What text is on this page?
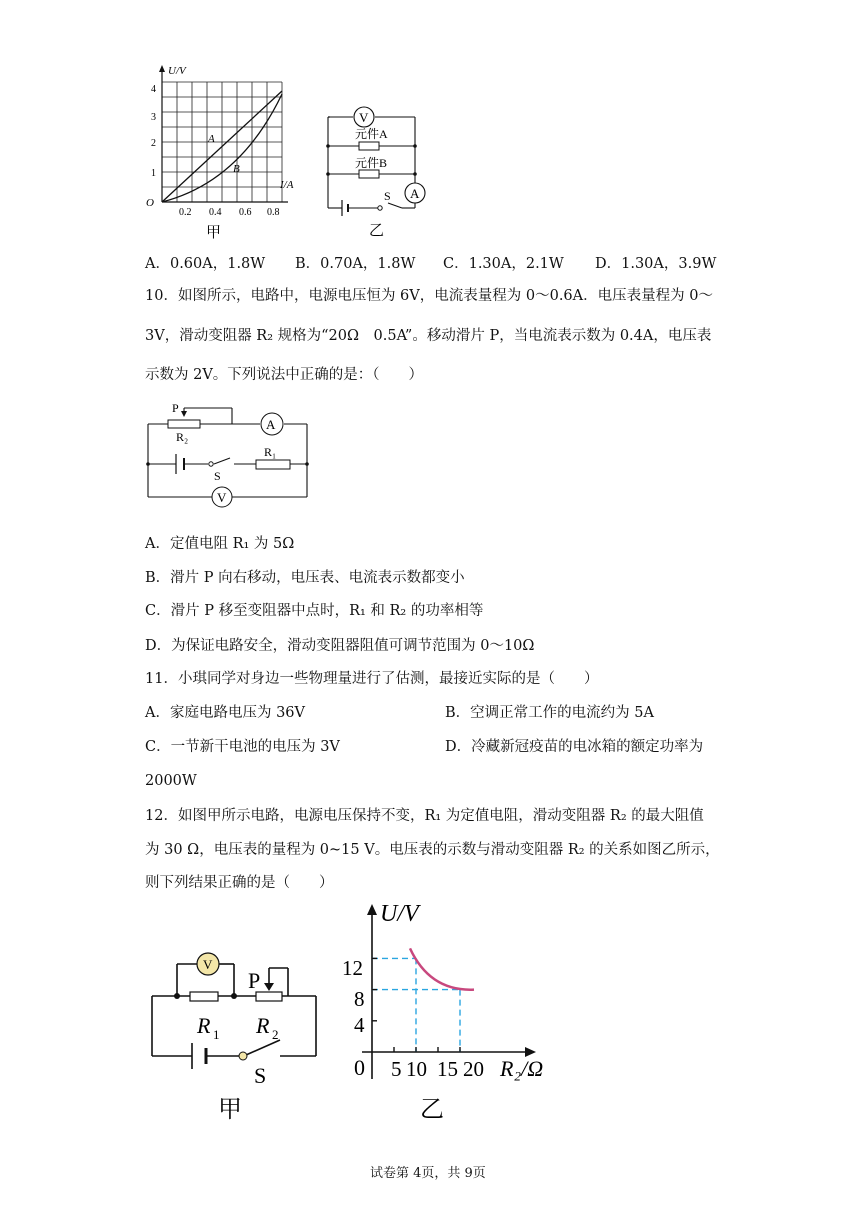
U/V
I/A
O
1
2
3
4
0.2 0.4 0.6 0.8
A
B
甲
V
A
元件A
元件B
S
乙
A．0.60A，1.8W B．0.70A，1.8W C．1.30A，2.1W D．1.30A，3.9W
10．如图所示，电路中，电源电压恒为 6V，电流表量程为 0～0.6A．电压表量程为 0～
3V，滑动变阻器 R₂ 规格为“20Ω　0.5A”。移动滑片 P，当电流表示数为 0.4A，电压表
示数为 2V。下列说法中正确的是：（　　）
P
R₂
A
R₁
S
V
A．定值电阻 R₁ 为 5Ω
B．滑片 P 向右移动，电压表、电流表示数都变小
C．滑片 P 移至变阻器中点时，R₁ 和 R₂ 的功率相等
D．为保证电路安全，滑动变阻器阻值可调节范围为 0～10Ω
11．小琪同学对身边一些物理量进行了估测，最接近实际的是（　　）
A．家庭电路电压为 36V	B．空调正常工作的电流约为 5A
C．一节新干电池的电压为 3V	D．冷藏新冠疫苗的电冰箱的额定功率为
2000W
12．如图甲所示电路，电源电压保持不变，R₁ 为定值电阻，滑动变阻器 R₂ 的最大阻值
为 30 Ω，电压表的量程为 0~15 V。电压表的示数与滑动变阻器 R₂ 的关系如图乙所示，
则下列结果正确的是（　　）
V
P
R 1 R 2
S
甲
U/V
R₂/Ω
0
4
8
12
5 10 15 20
乙
试卷第 4页，共 9页
